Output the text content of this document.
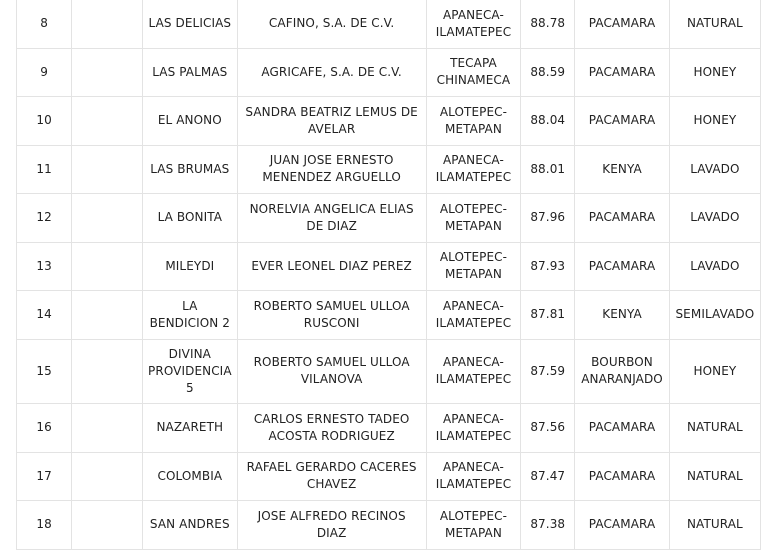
8		LAS DELICIAS	CAFINO, S.A. DE C.V.	APANECA-ILAMATEPEC	88.78	PACAMARA	NATURAL
9		LAS PALMAS	AGRICAFE, S.A. DE C.V.	TECAPA CHINAMECA	88.59	PACAMARA	HONEY
10		EL ANONO	SANDRA BEATRIZ LEMUS DE AVELAR	ALOTEPEC-METAPAN	88.04	PACAMARA	HONEY
11		LAS BRUMAS	JUAN JOSE ERNESTO MENENDEZ ARGUELLO	APANECA-ILAMATEPEC	88.01	KENYA	LAVADO
12		LA BONITA	NORELVIA ANGELICA ELIAS DE DIAZ	ALOTEPEC-METAPAN	87.96	PACAMARA	LAVADO
13		MILEYDI	EVER LEONEL DIAZ PEREZ	ALOTEPEC-METAPAN	87.93	PACAMARA	LAVADO
14		LA BENDICION 2	ROBERTO SAMUEL ULLOA RUSCONI	APANECA-ILAMATEPEC	87.81	KENYA	SEMILAVADO
15		DIVINA PROVIDENCIA 5	ROBERTO SAMUEL ULLOA VILANOVA	APANECA-ILAMATEPEC	87.59	BOURBON ANARANJADO	HONEY
16		NAZARETH	CARLOS ERNESTO TADEO ACOSTA RODRIGUEZ	APANECA-ILAMATEPEC	87.56	PACAMARA	NATURAL
17		COLOMBIA	RAFAEL GERARDO CACERES CHAVEZ	APANECA-ILAMATEPEC	87.47	PACAMARA	NATURAL
18		SAN ANDRES	JOSE ALFREDO RECINOS DIAZ	ALOTEPEC-METAPAN	87.38	PACAMARA	NATURAL
